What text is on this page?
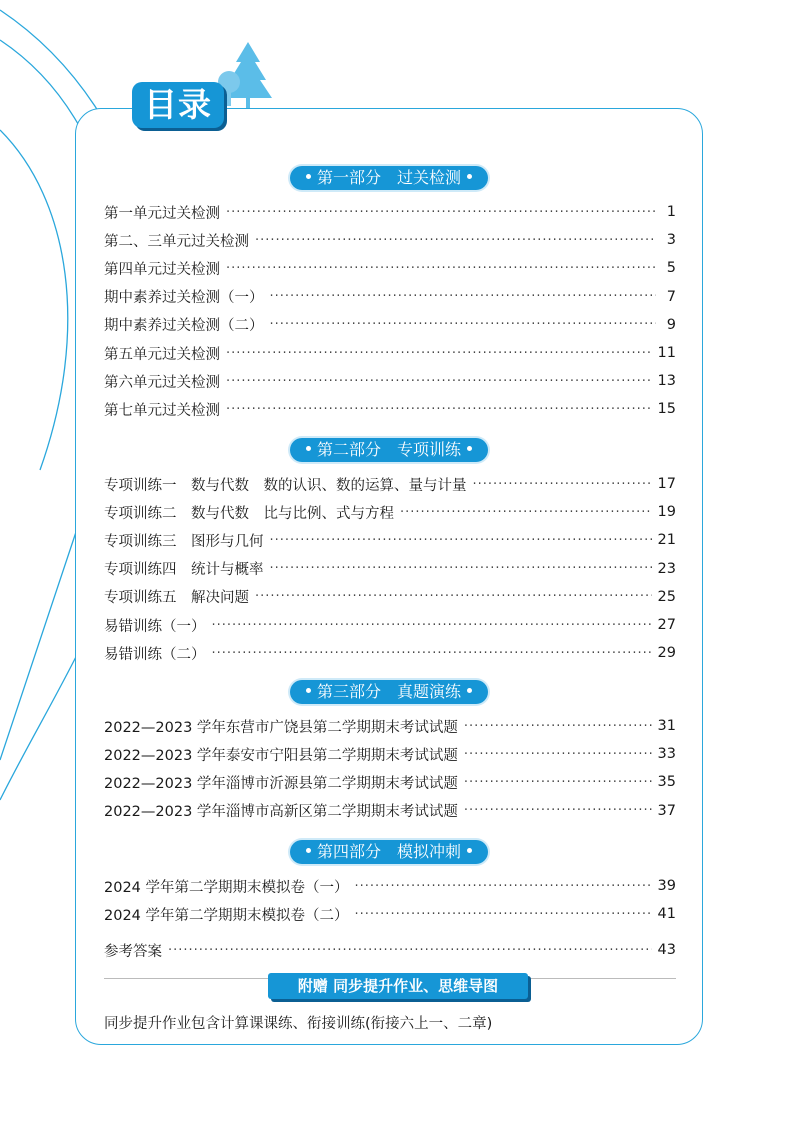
目录
第一部分　过关检测
第一单元过关检测 ·····	1
第二、三单元过关检测 ·····	3
第四单元过关检测 ·····	5
期中素养过关检测（一） ·····	7
期中素养过关检测（二） ·····	9
第五单元过关检测 ·····	11
第六单元过关检测 ·····	13
第七单元过关检测 ·····	15
第二部分　专项训练
专项训练一　数与代数　数的认识、数的运算、量与计量 ·····	17
专项训练二　数与代数　比与比例、式与方程 ·····	19
专项训练三　图形与几何 ·····	21
专项训练四　统计与概率 ·····	23
专项训练五　解决问题 ·····	25
易错训练（一） ·····	27
易错训练（二） ·····	29
第三部分　真题演练
2022—2023 学年东营市广饶县第二学期期末考试试题 ·····	31
2022—2023 学年泰安市宁阳县第二学期期末考试试题 ·····	33
2022—2023 学年淄博市沂源县第二学期期末考试试题 ·····	35
2022—2023 学年淄博市高新区第二学期期末考试试题 ·····	37
第四部分　模拟冲刺
2024 学年第二学期期末模拟卷（一） ·····	39
2024 学年第二学期期末模拟卷（二） ·····	41
参考答案 ·····	43
附赠 同步提升作业、思维导图
同步提升作业包含计算课课练、衔接训练(衔接六上一、二章)
